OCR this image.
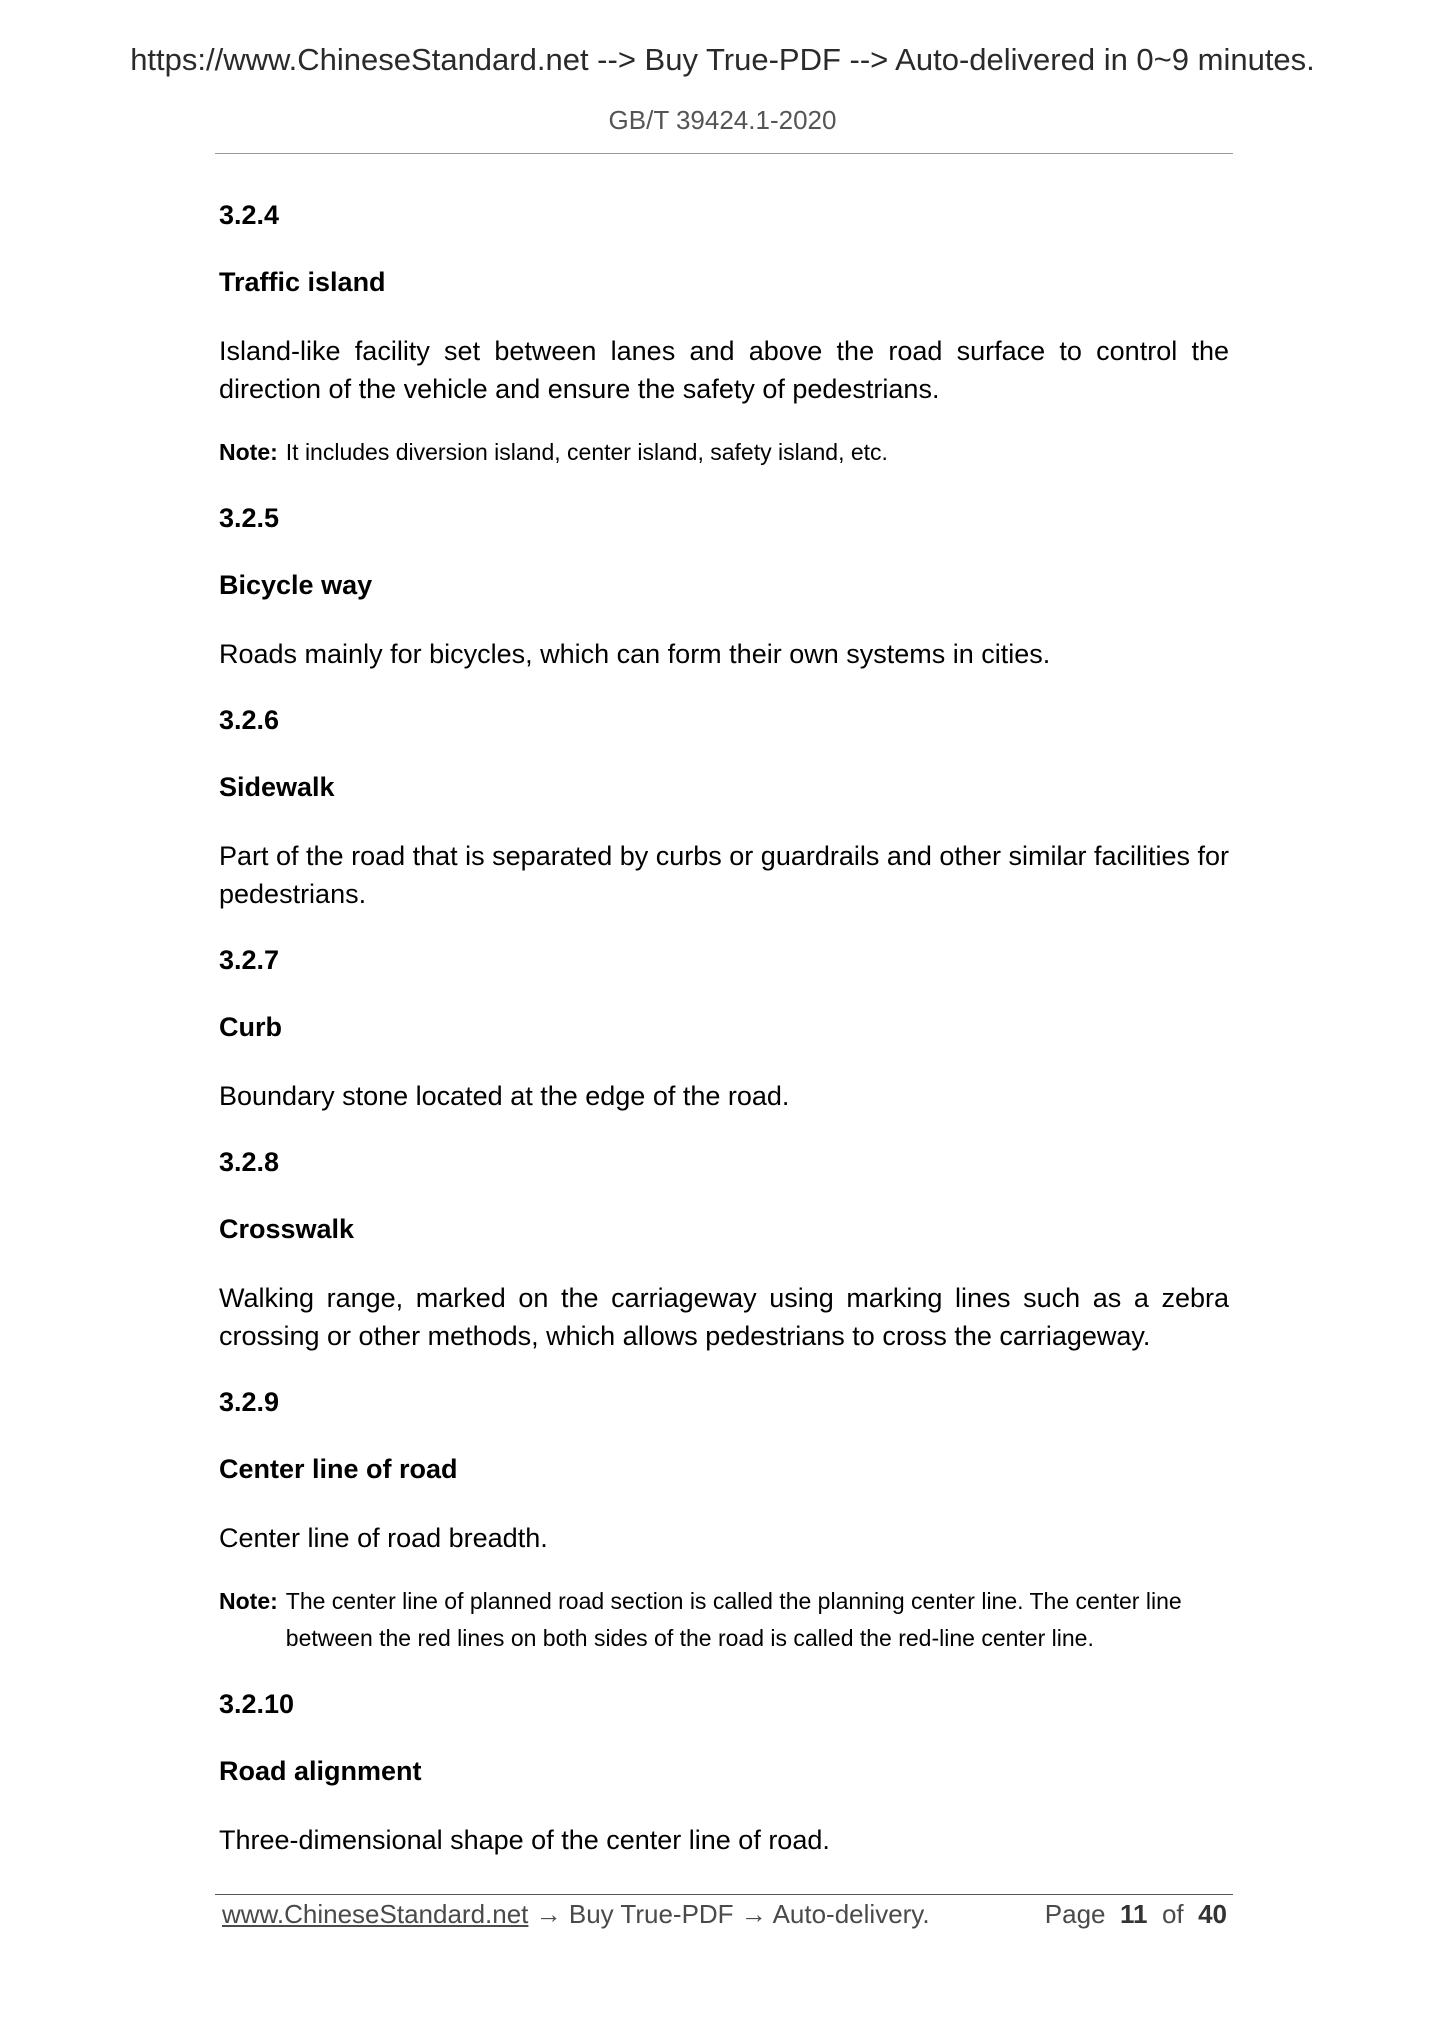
https://www.ChineseStandard.net --> Buy True-PDF --> Auto-delivered in 0~9 minutes.
GB/T 39424.1-2020
3.2.4
Traffic island
Island-like facility set between lanes and above the road surface to control the direction of the vehicle and ensure the safety of pedestrians.
Note: It includes diversion island, center island, safety island, etc.
3.2.5
Bicycle way
Roads mainly for bicycles, which can form their own systems in cities.
3.2.6
Sidewalk
Part of the road that is separated by curbs or guardrails and other similar facilities for pedestrians.
3.2.7
Curb
Boundary stone located at the edge of the road.
3.2.8
Crosswalk
Walking range, marked on the carriageway using marking lines such as a zebra crossing or other methods, which allows pedestrians to cross the carriageway.
3.2.9
Center line of road
Center line of road breadth.
Note: The center line of planned road section is called the planning center line. The center line between the red lines on both sides of the road is called the red-line center line.
3.2.10
Road alignment
Three-dimensional shape of the center line of road.
www.ChineseStandard.net → Buy True-PDF → Auto-delivery.	Page 11 of 40
